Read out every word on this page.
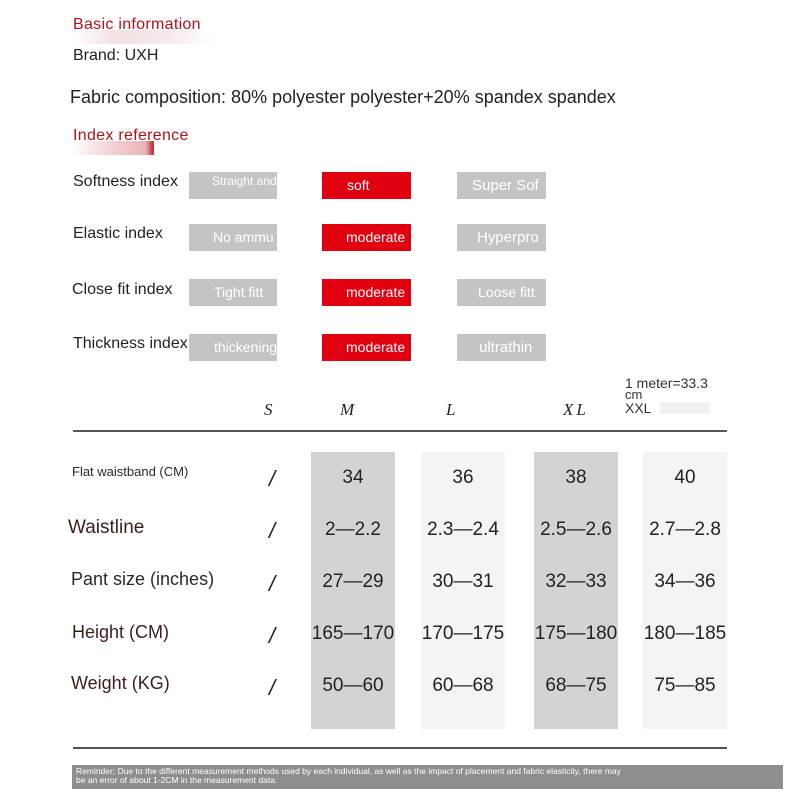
Basic information
Brand: UXH
Fabric composition: 80% polyester polyester+20% spandex spandex
Index reference
Softness index	Straight and	soft	Super Sof
Elastic index	No ammu	moderate	Hyperpro
Close fit index	Tight fitt	moderate	Loose fitt
Thickness index	thickening	moderate	ultrathin
1 meter=33.3
cm
S	M	L	XL	XXL
Flat waistband (CM)	/	34	36	38	40
Waistline	/	2—2.2	2.3—2.4	2.5—2.6	2.7—2.8
Pant size (inches)	/	27—29	30—31	32—33	34—36
Height (CM)	/	165—170 170—175 175—180 180—185
Weight (KG)	/	50—60	60—68	68—75	75—85
Reminder: Due to the different measurement methods used by each individual, as well as the impact of placement and fabric elasticity, there may
be an error of about 1-2CM in the measurement data.
